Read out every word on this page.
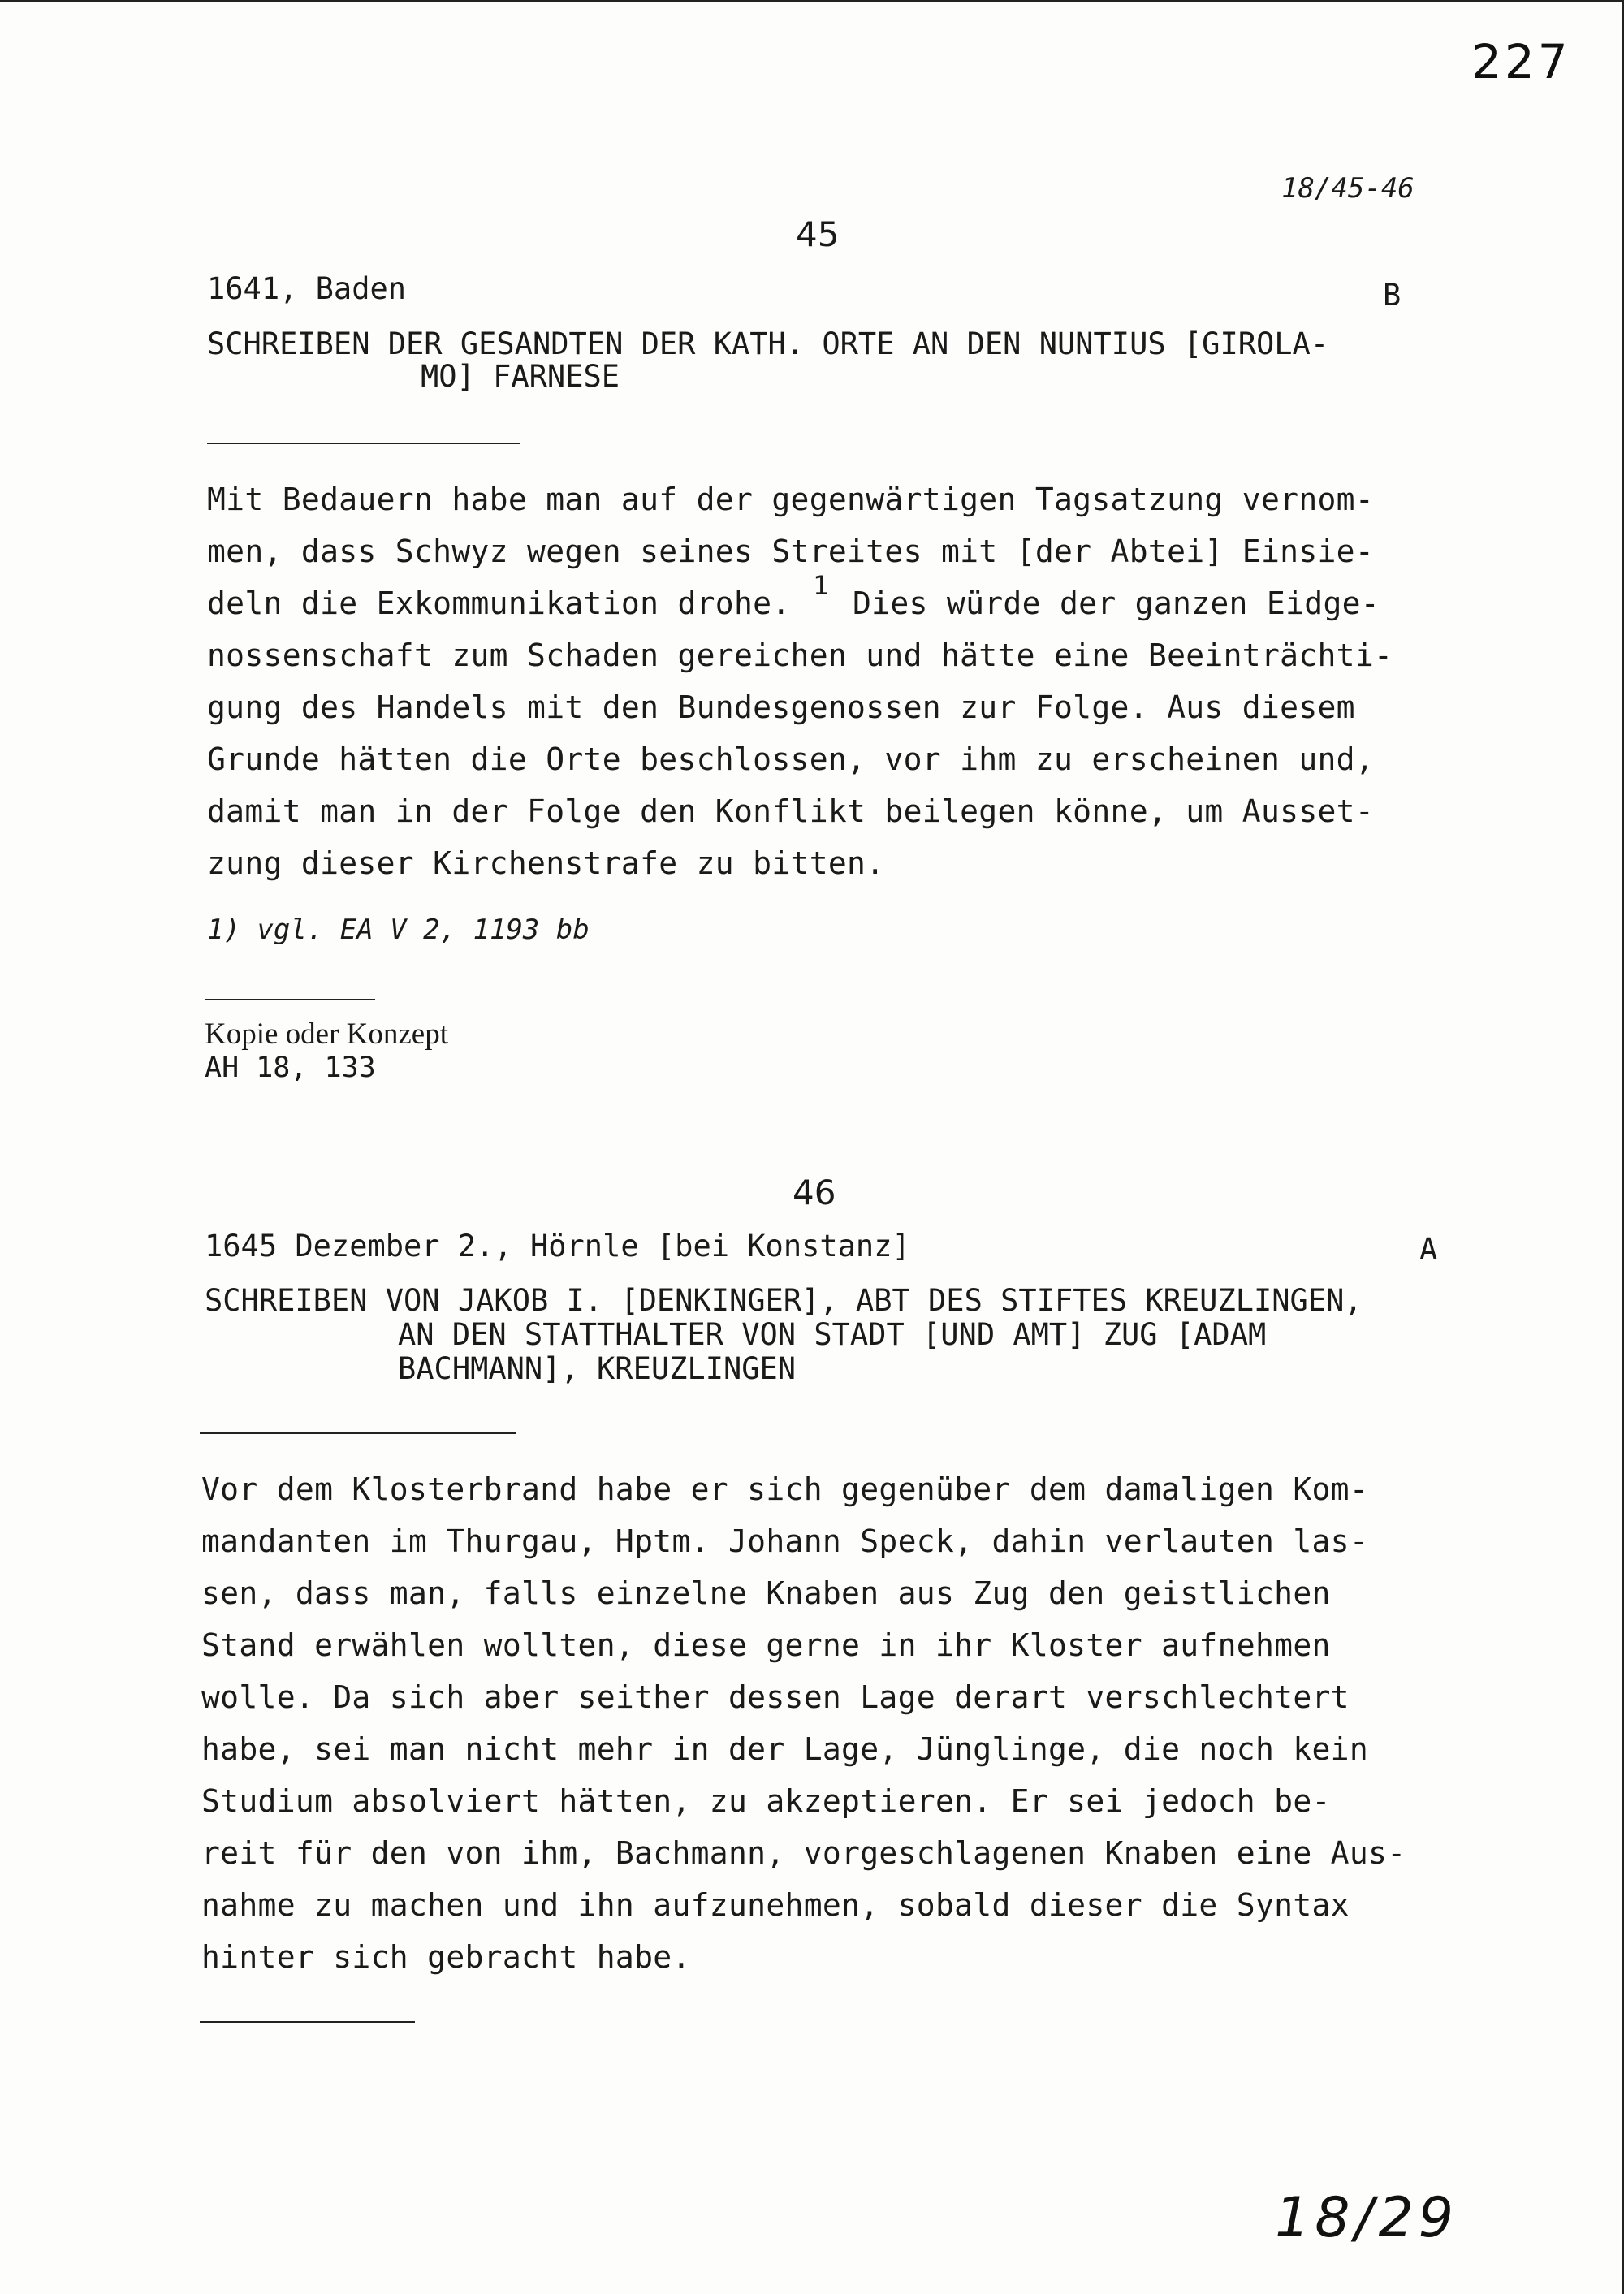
227
18/45-46
45
1641, Baden	B
SCHREIBEN DER GESANDTEN DER KATH. ORTE AN DEN NUNTIUS [GIROLA-
MO] FARNESE
Mit Bedauern habe man auf der gegenwärtigen Tagsatzung vernom-
men, dass Schwyz wegen seines Streites mit [der Abtei] Einsie-
deln die Exkommunikation drohe. 1 Dies würde der ganzen Eidge-
nossenschaft zum Schaden gereichen und hätte eine Beeinträchti-
gung des Handels mit den Bundesgenossen zur Folge. Aus diesem
Grunde hätten die Orte beschlossen, vor ihm zu erscheinen und,
damit man in der Folge den Konflikt beilegen könne, um Ausset-
zung dieser Kirchenstrafe zu bitten.
1) vgl. EA V 2, 1193 bb
Kopie oder Konzept
AH 18, 133
46
1645 Dezember 2., Hörnle [bei Konstanz]	A
SCHREIBEN VON JAKOB I. [DENKINGER], ABT DES STIFTES KREUZLINGEN,
AN DEN STATTHALTER VON STADT [UND AMT] ZUG [ADAM
BACHMANN], KREUZLINGEN
Vor dem Klosterbrand habe er sich gegenüber dem damaligen Kom-
mandanten im Thurgau, Hptm. Johann Speck, dahin verlauten las-
sen, dass man, falls einzelne Knaben aus Zug den geistlichen
Stand erwählen wollten, diese gerne in ihr Kloster aufnehmen
wolle. Da sich aber seither dessen Lage derart verschlechtert
habe, sei man nicht mehr in der Lage, Jünglinge, die noch kein
Studium absolviert hätten, zu akzeptieren. Er sei jedoch be-
reit für den von ihm, Bachmann, vorgeschlagenen Knaben eine Aus-
nahme zu machen und ihn aufzunehmen, sobald dieser die Syntax
hinter sich gebracht habe.
18/29
